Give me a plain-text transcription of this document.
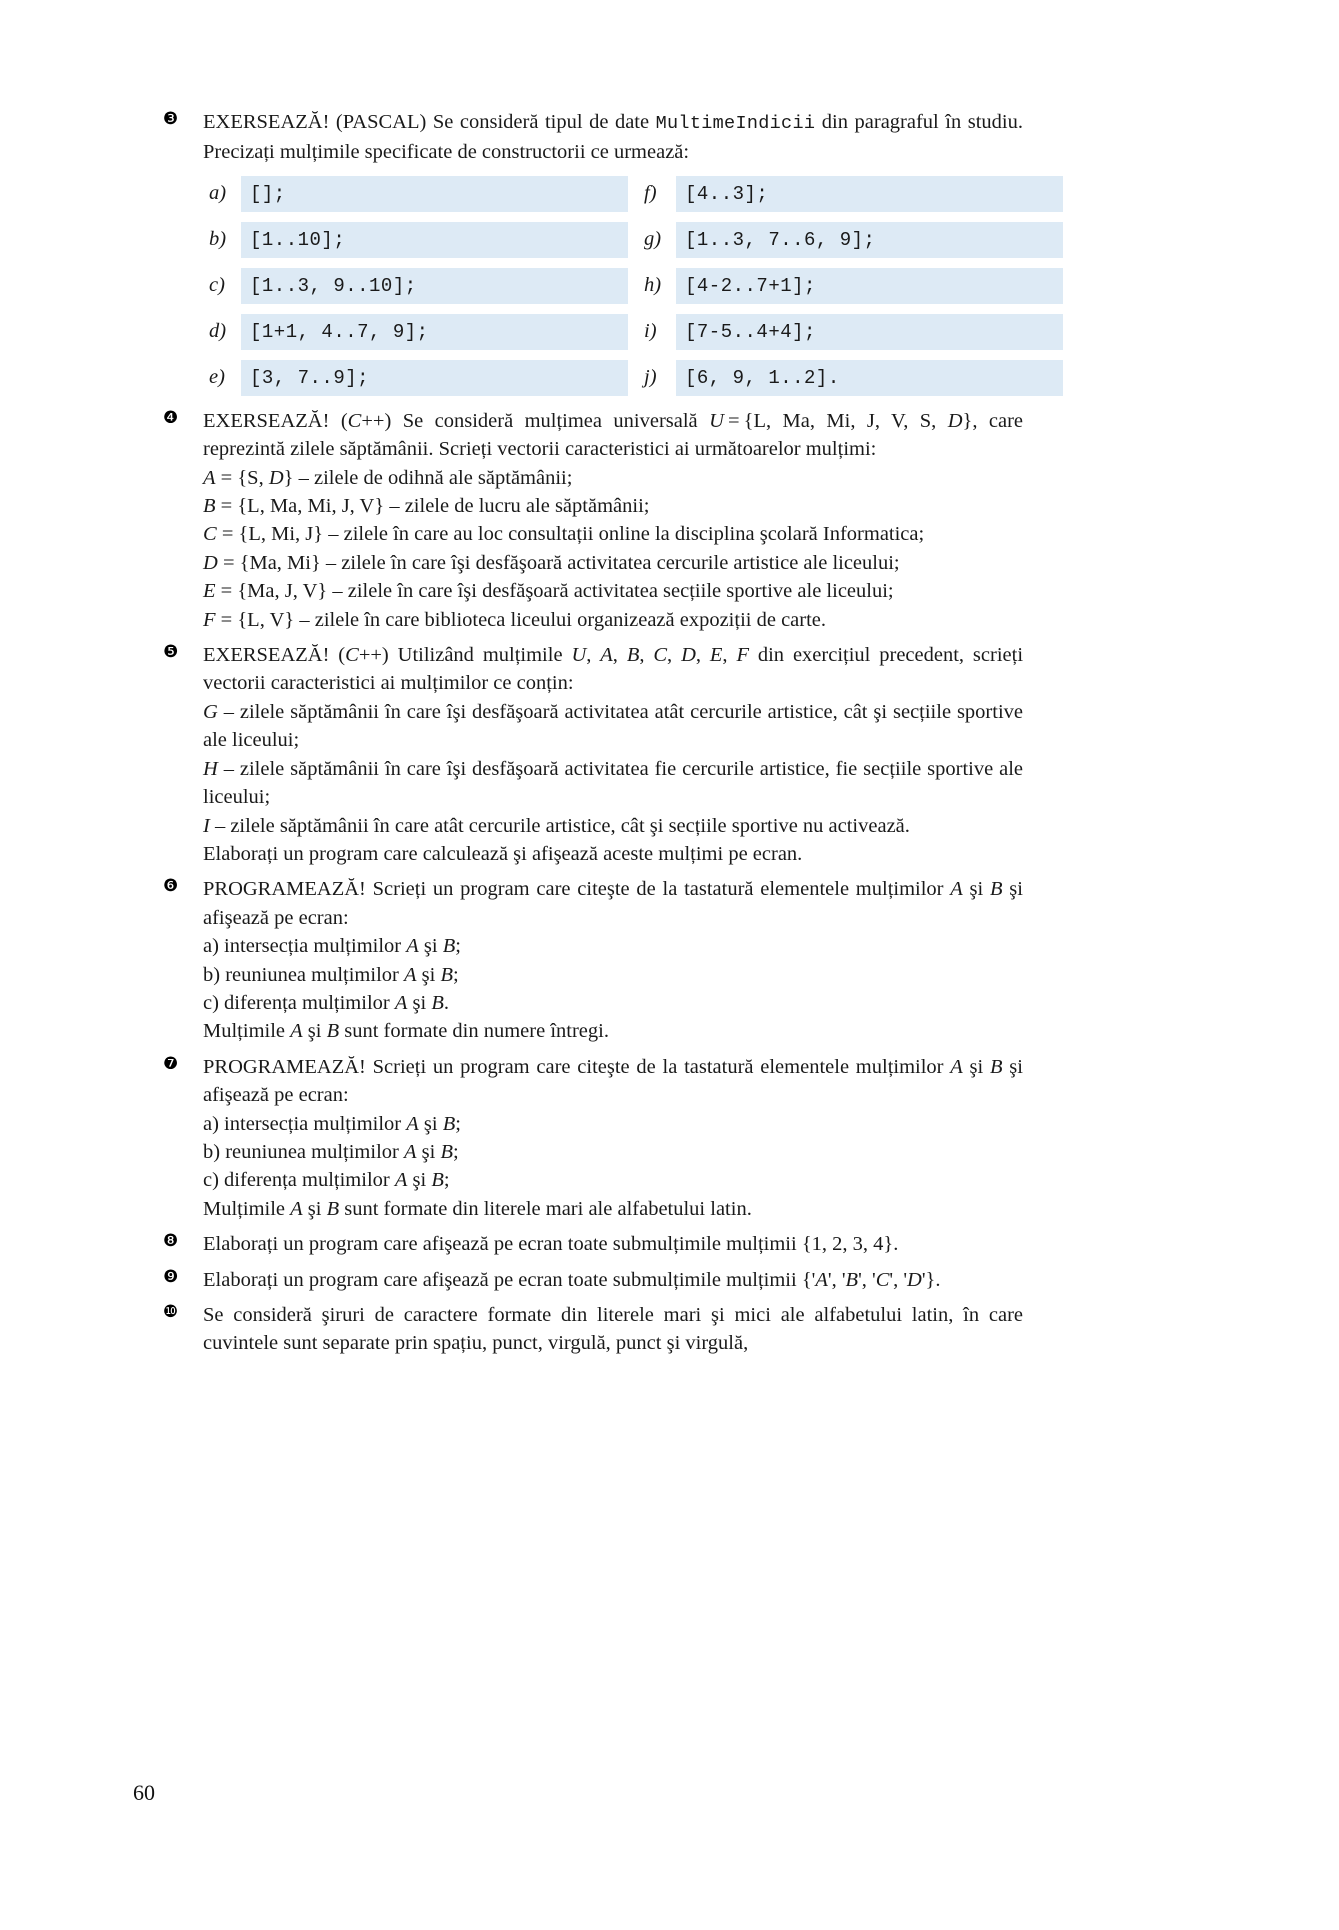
❸	EXERSEAZĂ! (PASCAL) Se consideră tipul de date MultimeIndicii din paragraful în studiu. Precizați mulțimile specificate de constructorii ce urmează:

a)	[];	f)	[4..3];
b)	[1..10];	g)	[1..3, 7..6, 9];
c)	[1..3, 9..10];	h)	[4-2..7+1];
d)	[1+1, 4..7, 9];	i)	[7-5..4+4];
e)	[3, 7..9];	j)	[6, 9, 1..2].
❹	EXERSEAZĂ! (C++) Se consideră mulțimea universală U = {L, Ma, Mi, J, V, S, D}, care reprezintă zilele săptămânii. Scrieți vectorii caracteristici ai următoarelor mulțimi:

A = {S, D} – zilele de odihnă ale săptămânii;

B = {L, Ma, Mi, J, V} – zilele de lucru ale săptămânii;

C = {L, Mi, J} – zilele în care au loc consultații online la disciplina şcolară Informatica;

D = {Ma, Mi} – zilele în care îşi desfăşoară activitatea cercurile artistice ale liceului;

E = {Ma, J, V} – zilele în care îşi desfăşoară activitatea secțiile sportive ale liceului;

F = {L, V} – zilele în care biblioteca liceului organizează expoziții de carte.

❺	EXERSEAZĂ! (C++) Utilizând mulțimile U, A, B, C, D, E, F din exercițiul precedent, scrieți vectorii caracteristici ai mulțimilor ce conțin:

G – zilele săptămânii în care îşi desfăşoară activitatea atât cercurile artistice, cât şi secțiile sportive ale liceului;

H – zilele săptămânii în care îşi desfăşoară activitatea fie cercurile artistice, fie secțiile sportive ale liceului;

I – zilele săptămânii în care atât cercurile artistice, cât şi secțiile sportive nu activează.

Elaborați un program care calculează şi afişează aceste mulțimi pe ecran.

❻	PROGRAMEAZĂ! Scrieți un program care citeşte de la tastatură elementele mulțimilor A şi B şi afişează pe ecran:

a) intersecția mulțimilor A şi B;

b) reuniunea mulțimilor A şi B;

c) diferența mulțimilor A şi B.

Mulțimile A şi B sunt formate din numere întregi.

❼	PROGRAMEAZĂ! Scrieți un program care citeşte de la tastatură elementele mulțimilor A şi B şi afişează pe ecran:

a) intersecția mulțimilor A şi B;

b) reuniunea mulțimilor A şi B;

c) diferența mulțimilor A şi B;

Mulțimile A şi B sunt formate din literele mari ale alfabetului latin.

❽	Elaborați un program care afişează pe ecran toate submulțimile mulțimii {1, 2, 3, 4}.

❾	Elaborați un program care afişează pe ecran toate submulțimile mulțimii {'A', 'B', 'C', 'D'}.

❿	Se consideră şiruri de caractere formate din literele mari şi mici ale alfabetului latin, în care cuvintele sunt separate prin spațiu, punct, virgulă, punct şi virgulă,

60
